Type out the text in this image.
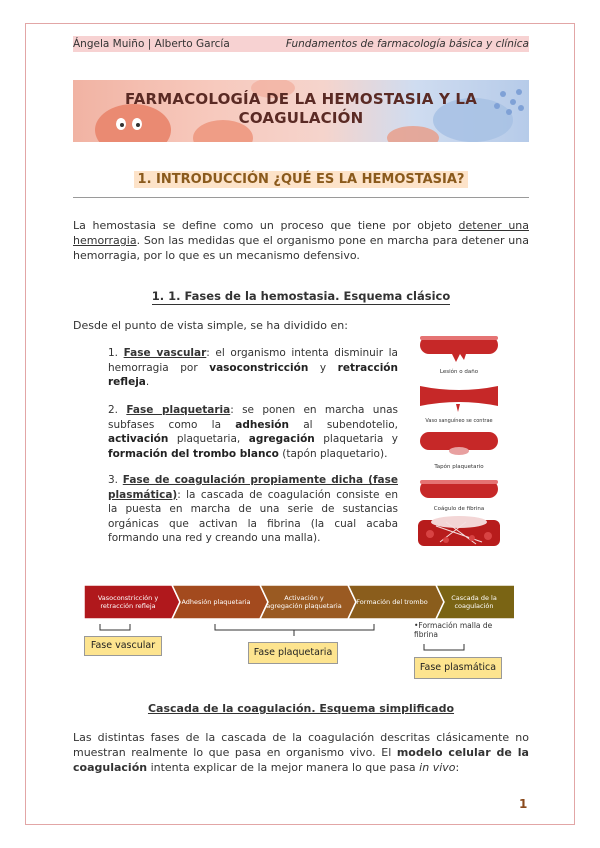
Ángela Muiño | Alberto García	Fundamentos de farmacología básica y clínica
FARMACOLOGÍA DE LA HEMOSTASIA Y LA COAGULACIÓN
1. INTRODUCCIÓN ¿QUÉ ES LA HEMOSTASIA?
La hemostasia se define como un proceso que tiene por objeto detener una hemorragia. Son las medidas que el organismo pone en marcha para detener una hemorragia, por lo que es un mecanismo defensivo.
1. 1. Fases de la hemostasia. Esquema clásico
Desde el punto de vista simple, se ha dividido en:
1. Fase vascular: el organismo intenta disminuir la hemorragia por vasoconstricción y retracción refleja.
2. Fase plaquetaria: se ponen en marcha unas subfases como la adhesión al subendotelio, activación plaquetaria, agregación plaquetaria y formación del trombo blanco (tapón plaquetario).
3. Fase de coagulación propiamente dicha (fase plasmática): la cascada de coagulación consiste en la puesta en marcha de una serie de sustancias orgánicas que activan la fibrina (la cual acaba formando una red y creando una malla).
Lesión o daño
Vaso sanguíneo se contrae
Tapón plaquetario
Coágulo de fibrina
Vasoconstricción y retracción refleja	Adhesión plaquetaria	Activación y agregación plaquetaria	Formación del trombo	Cascada de la coagulación
Fase vascular
Fase plaquetaria
Fase plasmática
•Formación malla de fibrina
Cascada de la coagulación. Esquema simplificado
Las distintas fases de la cascada de la coagulación descritas clásicamente no muestran realmente lo que pasa en organismo vivo. El modelo celular de la coagulación intenta explicar de la mejor manera lo que pasa in vivo:
1
